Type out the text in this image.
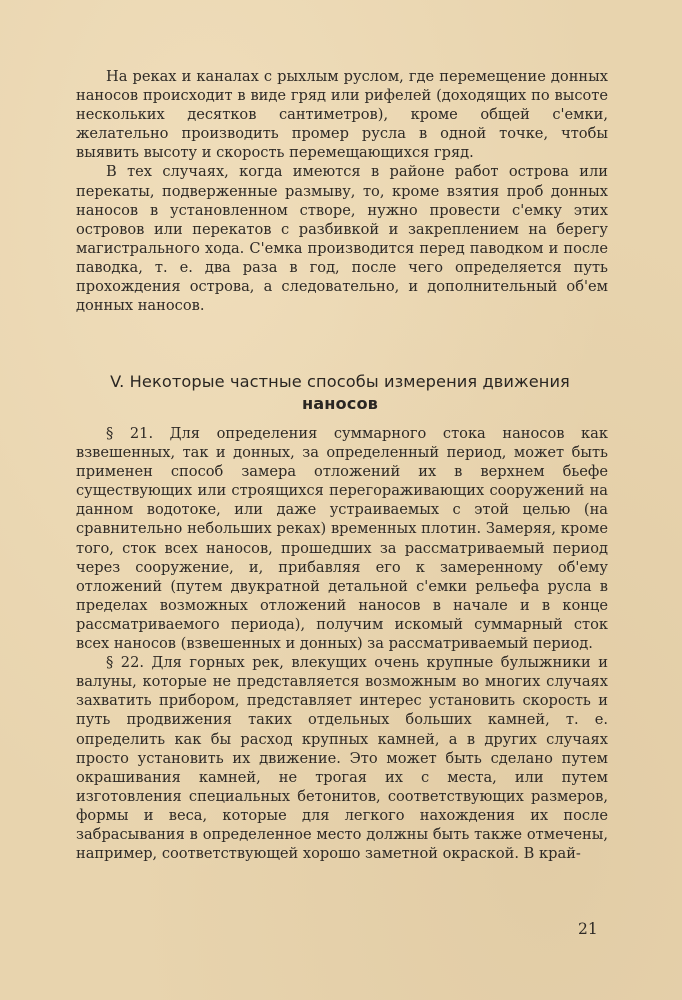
На реках и каналах с рыхлым руслом, где перемещение донных наносов происходит в виде гряд или рифелей (доходящих по высоте нескольких десятков сантиметров), кроме общей с'емки, желательно производить промер русла в одной точке, чтобы выявить высоту и скорость перемещающихся гряд.

В тех случаях, когда имеются в районе работ острова или перекаты, подверженные размыву, то, кроме взятия проб донных наносов в установленном створе, нужно провести с'емку этих островов или перекатов с разбивкой и закреплением на берегу магистрального хода. С'емка производится перед паводком и после паводка, т. е. два раза в год, после чего определяется путь прохождения острова, а следовательно, и дополнительный об'ем донных наносов.

V. Некоторые частные способы измерения движения
наносов

§ 21. Для определения суммарного стока наносов как взвешенных, так и донных, за определенный период, может быть применен способ замера отложений их в верхнем бьефе существующих или строящихся перегораживающих сооружений на данном водотоке, или даже устраиваемых с этой целью (на сравнительно небольших реках) временных плотин. Замеряя, кроме того, сток всех наносов, прошедших за рассматриваемый период через сооружение, и, прибавляя его к замеренному об'ему отложений (путем двукратной детальной с'емки рельефа русла в пределах возможных отложений наносов в начале и в конце рассматриваемого периода), получим искомый суммарный сток всех наносов (взвешенных и донных) за рассматриваемый период.

§ 22. Для горных рек, влекущих очень крупные булыжники и валуны, которые не представляется возможным во многих случаях захватить прибором, представляет интерес установить скорость и путь продвижения таких отдельных больших камней, т. е. определить как бы расход крупных камней, а в других случаях просто установить их движение. Это может быть сделано путем окрашивания камней, не трогая их с места, или путем изготовления специальных бетонитов, соответствующих размеров, формы и веса, которые для легкого нахождения их после забрасывания в определенное место должны быть также отмечены, например, соответствующей хорошо заметной окраской. В край-

21
